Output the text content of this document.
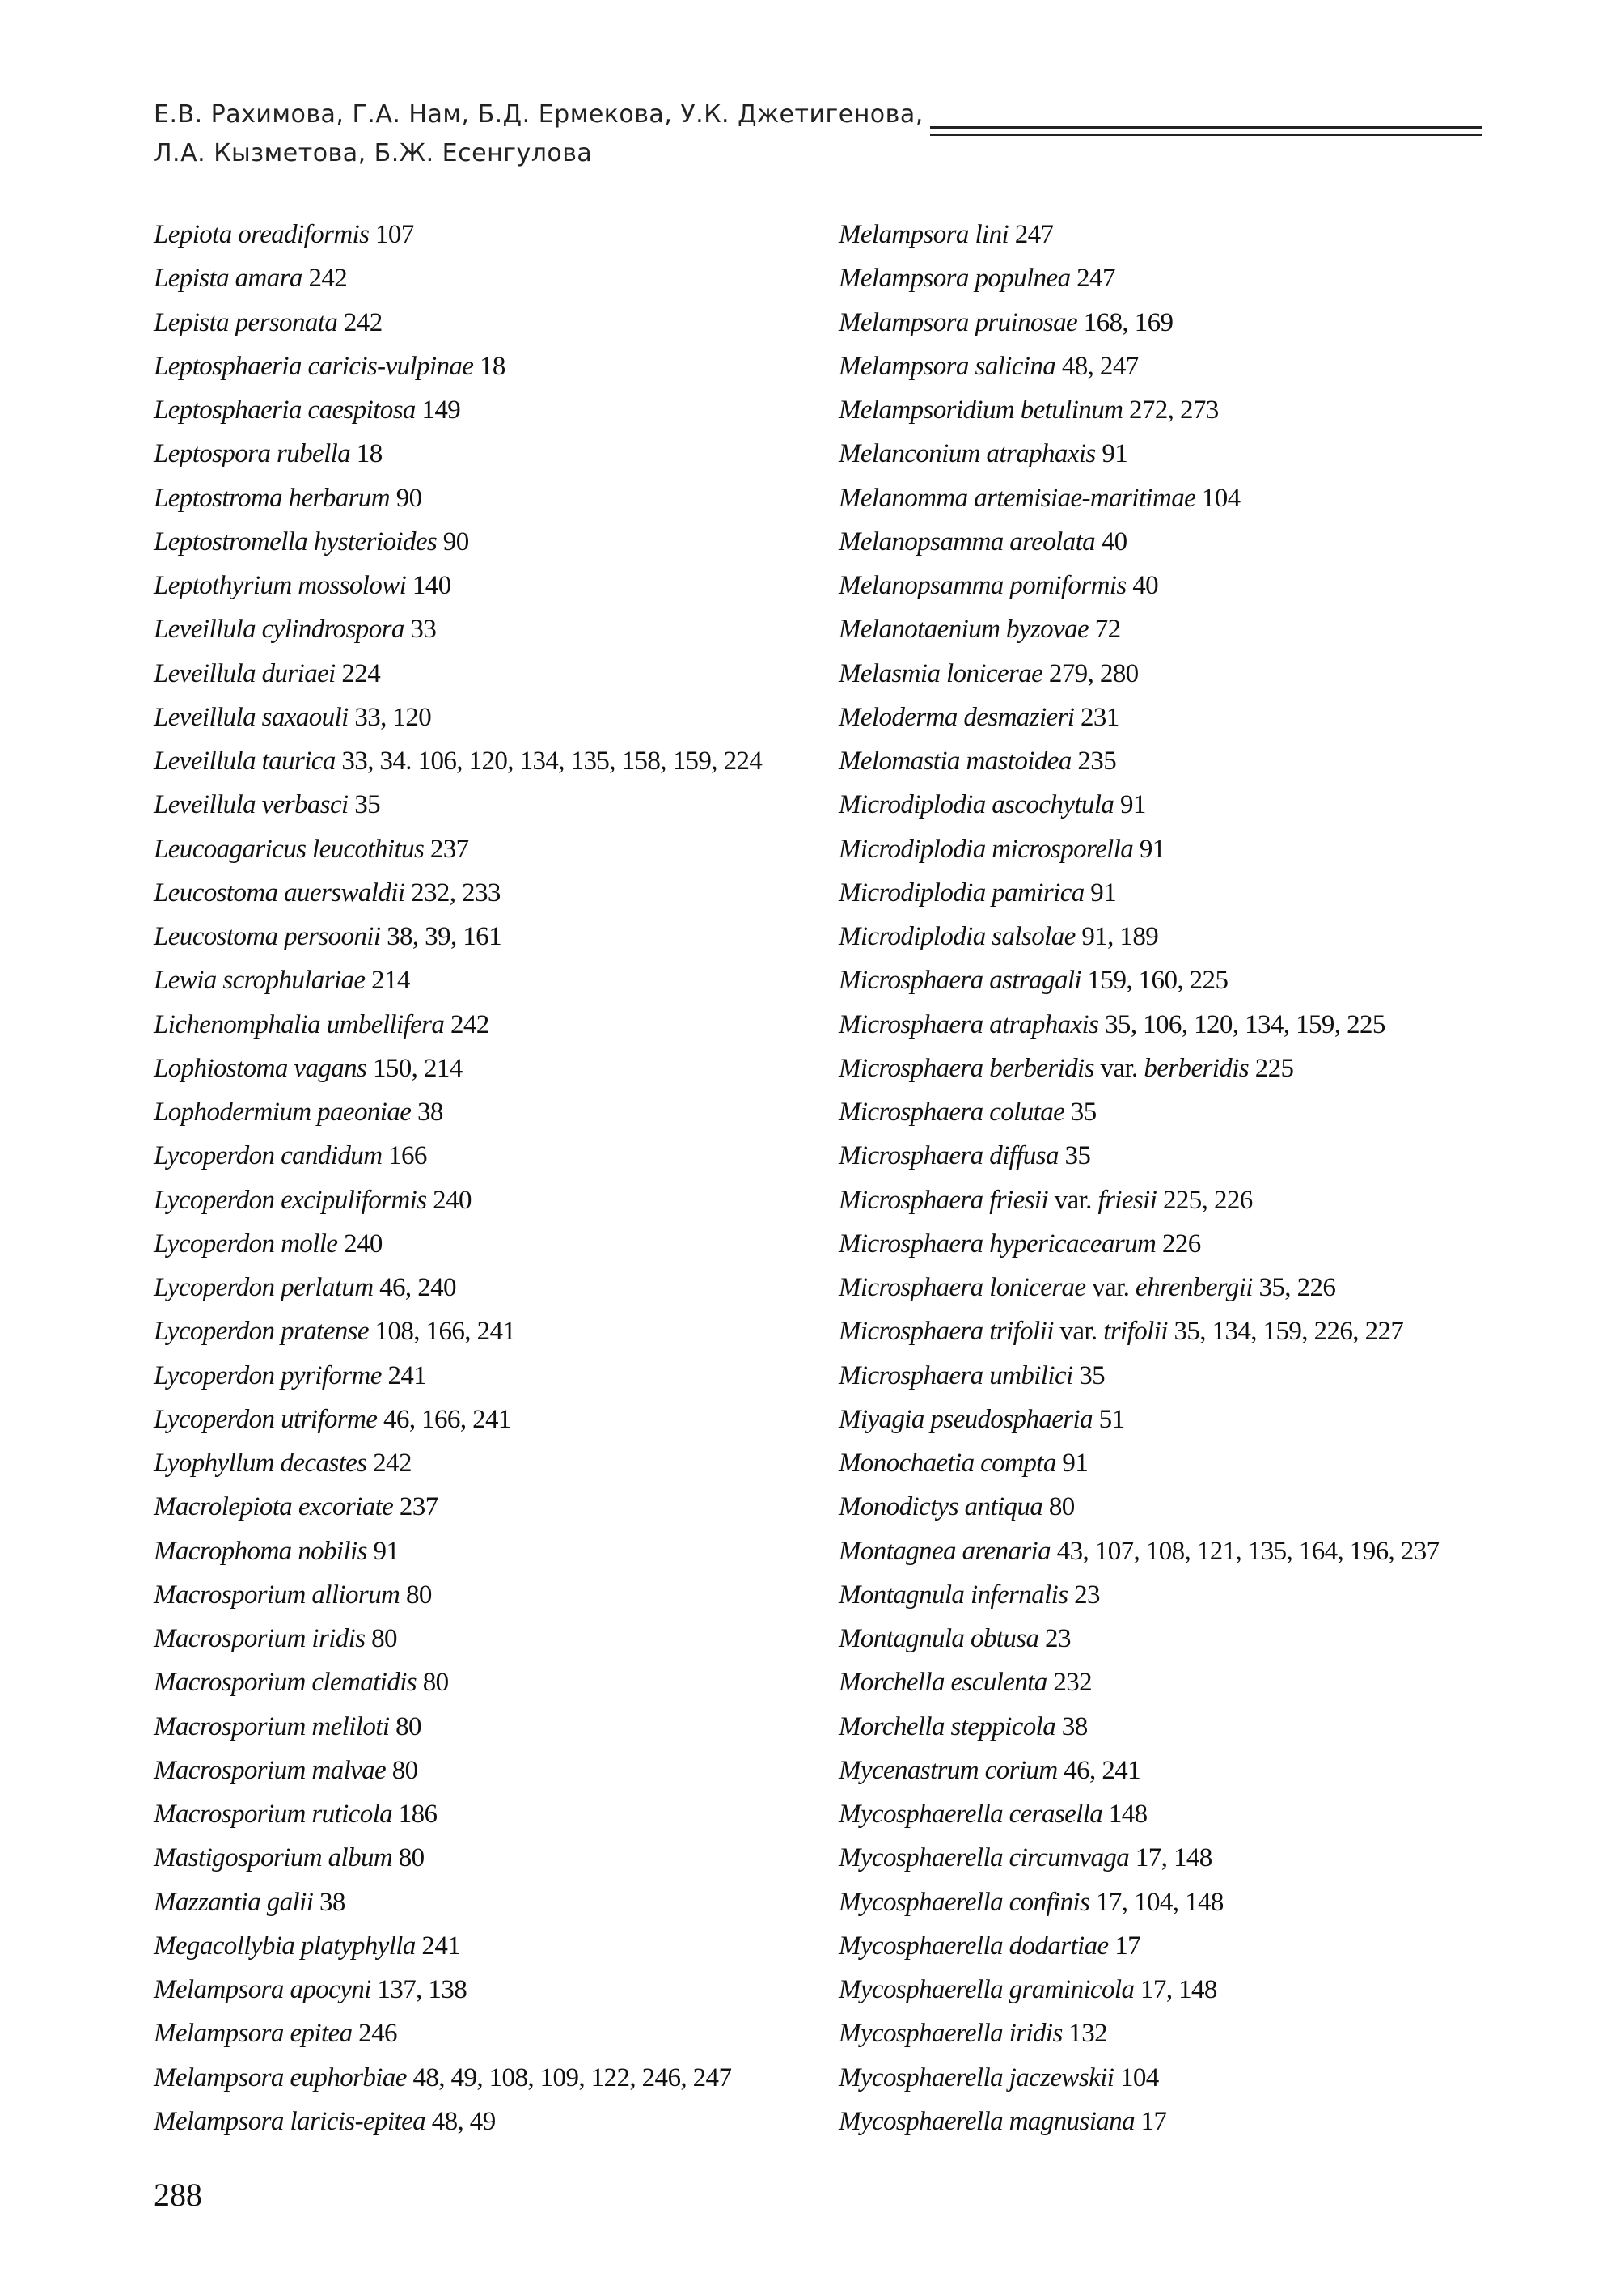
Е.В. Рахимова, Г.А. Нам, Б.Д. Ермекова, У.К. Джетигенова,
Л.А. Кызметова, Б.Ж. Есенгулова
Lepiota oreadiformis 107
Lepista amara 242
Lepista personata 242
Leptosphaeria caricis-vulpinae 18
Leptosphaeria caespitosa 149
Leptospora rubella 18
Leptostroma herbarum 90
Leptostromella hysterioides 90
Leptothyrium mossolowi 140
Leveillula cylindrospora 33
Leveillula duriaei 224
Leveillula saxaouli 33, 120
Leveillula taurica 33, 34. 106, 120, 134, 135, 158, 159, 224
Leveillula verbasci 35
Leucoagaricus leucothitus 237
Leucostoma auerswaldii 232, 233
Leucostoma persoonii 38, 39, 161
Lewia scrophulariae 214
Lichenomphalia umbellifera 242
Lophiostoma vagans 150, 214
Lophodermium paeoniae 38
Lycoperdon candidum 166
Lycoperdon excipuliformis 240
Lycoperdon molle 240
Lycoperdon perlatum 46, 240
Lycoperdon pratense 108, 166, 241
Lycoperdon pyriforme 241
Lycoperdon utriforme 46, 166, 241
Lyophyllum decastes 242
Macrolepiota excoriate 237
Macrophoma nobilis 91
Macrosporium alliorum 80
Macrosporium iridis 80
Macrosporium clematidis 80
Macrosporium meliloti 80
Macrosporium malvae 80
Macrosporium ruticola 186
Mastigosporium album 80
Mazzantia galii 38
Megacollybia platyphylla 241
Melampsora apocyni 137, 138
Melampsora epitea 246
Melampsora euphorbiae 48, 49, 108, 109, 122, 246, 247
Melampsora laricis-epitea 48, 49
Melampsora lini 247
Melampsora populnea 247
Melampsora pruinosae 168, 169
Melampsora salicina 48, 247
Melampsoridium betulinum 272, 273
Melanconium atraphaxis 91
Melanomma artemisiae-maritimae 104
Melanopsamma areolata 40
Melanopsamma pomiformis 40
Melanotaenium byzovae 72
Melasmia lonicerae 279, 280
Meloderma desmazieri 231
Melomastia mastoidea 235
Microdiplodia ascochytula 91
Microdiplodia microsporella 91
Microdiplodia pamirica 91
Microdiplodia salsolae 91, 189
Microsphaera astragali 159, 160, 225
Microsphaera atraphaxis 35, 106, 120, 134, 159, 225
Microsphaera berberidis var. berberidis 225
Microsphaera colutae 35
Microsphaera diffusa 35
Microsphaera friesii var. friesii 225, 226
Microsphaera hypericacearum 226
Microsphaera lonicerae var. ehrenbergii 35, 226
Microsphaera trifolii var. trifolii 35, 134, 159, 226, 227
Microsphaera umbilici 35
Miyagia pseudosphaeria 51
Monochaetia compta 91
Monodictys antiqua 80
Montagnea arenaria 43, 107, 108, 121, 135, 164, 196, 237
Montagnula infernalis 23
Montagnula obtusa 23
Morchella esculenta 232
Morchella steppicola 38
Mycenastrum corium 46, 241
Mycosphaerella cerasella 148
Mycosphaerella circumvaga 17, 148
Mycosphaerella confinis 17, 104, 148
Mycosphaerella dodartiae 17
Mycosphaerella graminicola 17, 148
Mycosphaerella iridis 132
Mycosphaerella jaczewskii 104
Mycosphaerella magnusiana 17
288
